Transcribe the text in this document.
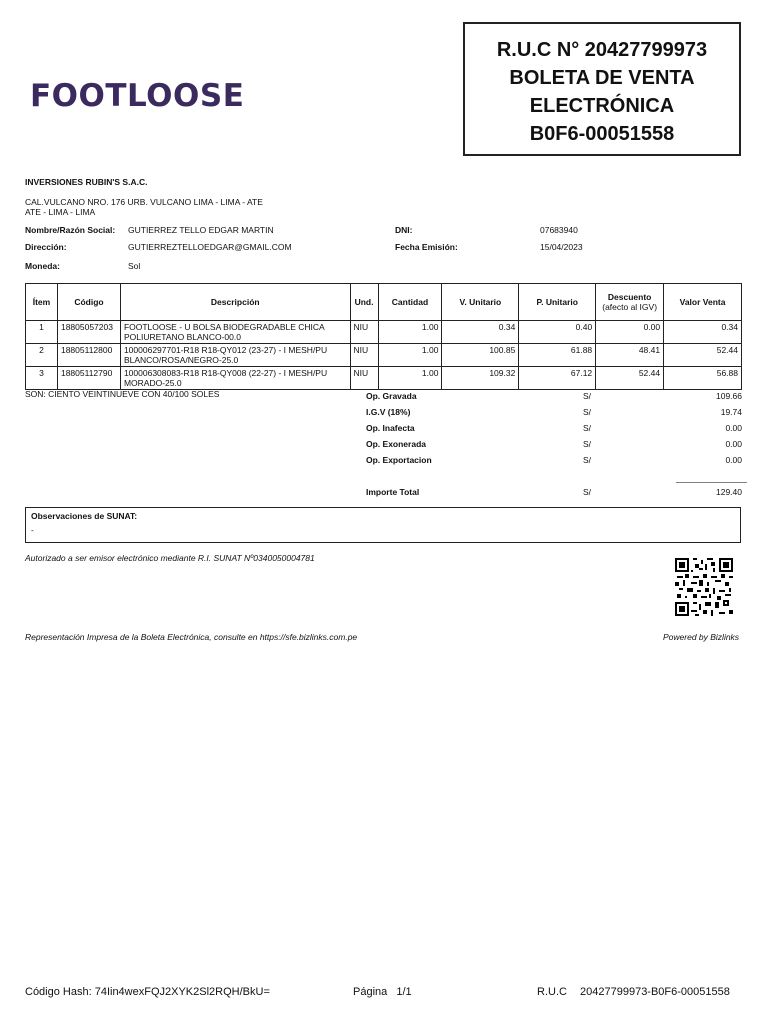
FOOTLOOSE
R.U.C N° 20427799973
BOLETA DE VENTA
ELECTRÓNICA
B0F6-00051558
INVERSIONES RUBIN'S S.A.C.
CAL.VULCANO NRO. 176 URB. VULCANO LIMA - LIMA - ATE
ATE - LIMA - LIMA
Nombre/Razón Social: GUTIERREZ TELLO EDGAR MARTIN	DNI:	07683940
Dirección:	GUTIERREZTELLOEDGAR@GMAIL.COM	Fecha Emisión:	15/04/2023
Moneda:	Sol
Ítem	Código	Descripción	Und.	Cantidad	V. Unitario	P. Unitario	Descuento
(afecto al IGV)	Valor Venta
1	18805057203	FOOTLOOSE - U BOLSA BIODEGRADABLE CHICA POLIURETANO BLANCO-00.0	NIU	1.00	0.34	0.40	0.00	0.34
2	18805112800	100006297701-R18 R18-QY012 (23-27) - I MESH/PU BLANCO/ROSA/NEGRO-25.0	NIU	1.00	100.85	61.88	48.41	52.44
3	18805112790	100006308083-R18 R18-QY008 (22-27) - I MESH/PU MORADO-25.0	NIU	1.00	109.32	67.12	52.44	56.88
SON: CIENTO VEINTINUEVE CON 40/100 SOLES	Op. Gravada	S/	109.66
I.G.V (18%)	S/	19.74
Op. Inafecta	S/	0.00
Op. Exonerada	S/	0.00
Op. Exportacion	S/	0.00
_______________
Importe Total	S/	129.40
Observaciones de SUNAT:
-
Autorizado a ser emisor electrónico mediante R.I. SUNAT Nº0340050004781
Representación Impresa de la Boleta Electrónica, consulte en https://sfe.bizlinks.com.pe	Powered by Bizlinks
Código Hash: 74Iin4wexFQJ2XYK2Sl2RQH/BkU=	Página 1/1	R.U.C 20427799973-B0F6-00051558
